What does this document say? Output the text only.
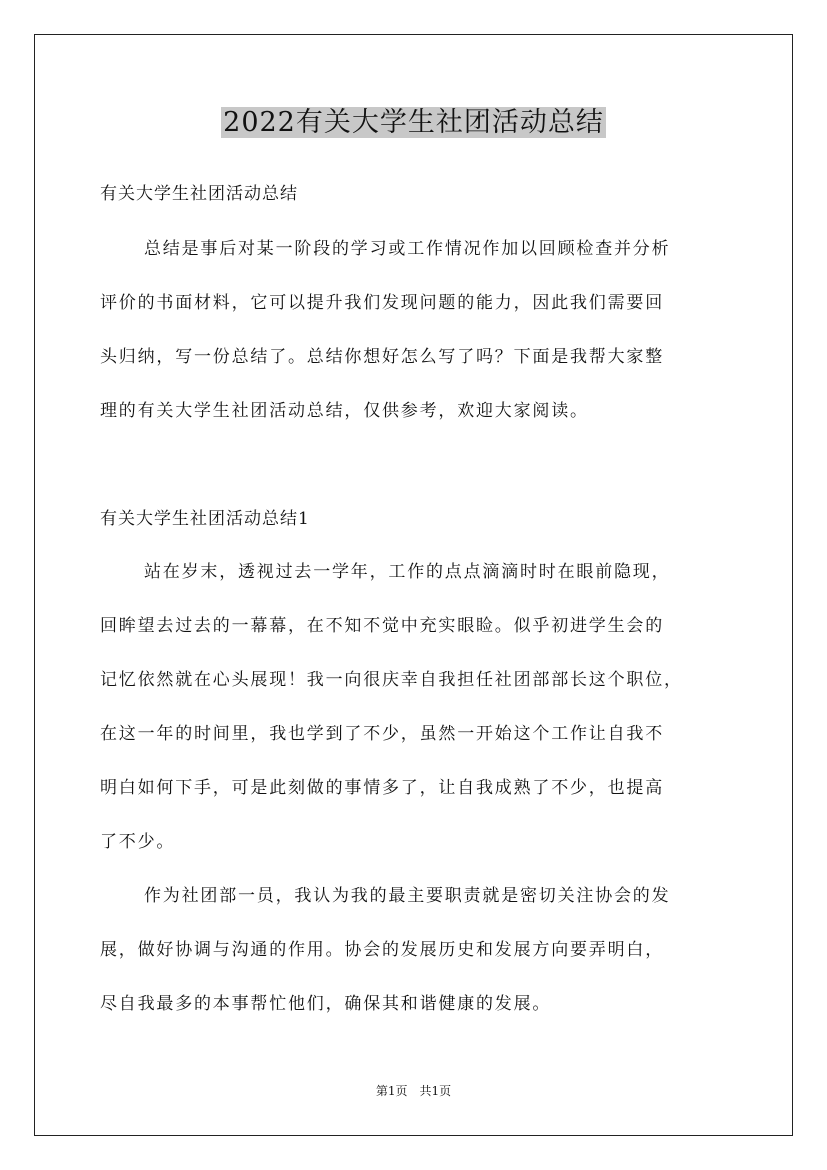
2022有关大学生社团活动总结
有关大学生社团活动总结
总结是事后对某一阶段的学习或工作情况作加以回顾检查并分析
评价的书面材料，它可以提升我们发现问题的能力，因此我们需要回
头归纳，写一份总结了。总结你想好怎么写了吗？下面是我帮大家整
理的有关大学生社团活动总结，仅供参考，欢迎大家阅读。
有关大学生社团活动总结1
站在岁末，透视过去一学年，工作的点点滴滴时时在眼前隐现，
回眸望去过去的一幕幕，在不知不觉中充实眼睑。似乎初进学生会的
记忆依然就在心头展现！我一向很庆幸自我担任社团部部长这个职位，
在这一年的时间里，我也学到了不少，虽然一开始这个工作让自我不
明白如何下手，可是此刻做的事情多了，让自我成熟了不少，也提高
了不少。
作为社团部一员，我认为我的最主要职责就是密切关注协会的发
展，做好协调与沟通的作用。协会的发展历史和发展方向要弄明白，
尽自我最多的本事帮忙他们，确保其和谐健康的发展。
第1页　共1页
